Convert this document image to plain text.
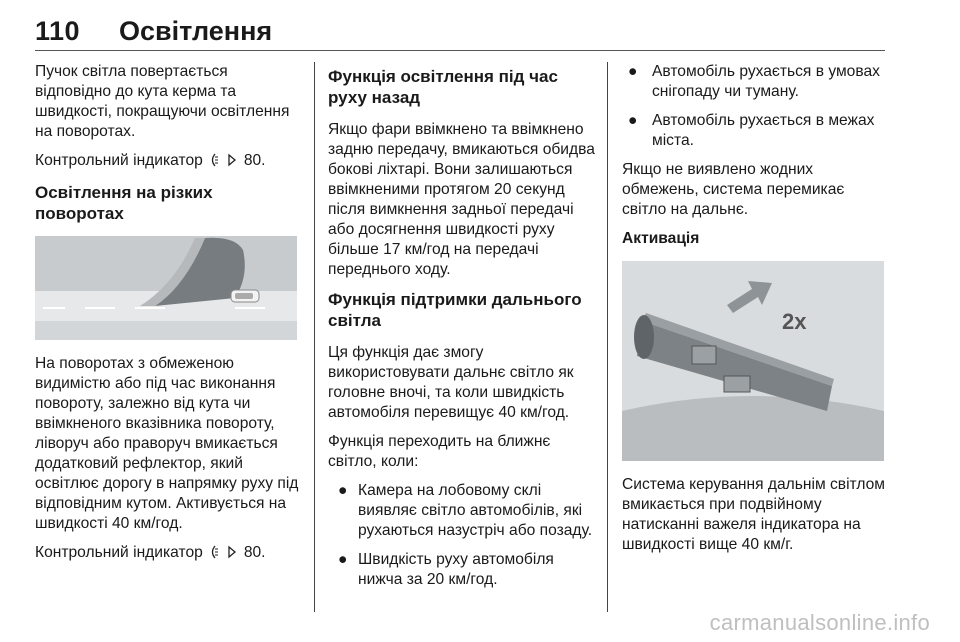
110 Освітлення

Пучок світла повертається відповідно до кута керма та швидкості, покращуючи освітлення на поворотах.

Контрольний індикатор	80.

Освітлення на різких поворотах

На поворотах з обмеженою видимістю або під час виконання повороту, залежно від кута чи ввімкненого вказівника повороту, ліворуч або праворуч вмикається додатковий рефлектор, який освітлює дорогу в напрямку руху під відповідним кутом. Активується на швидкості 40 км/год.

Контрольний індикатор	80.

Функція освітлення під час руху назад

Якщо фари ввімкнено та ввімкнено задню передачу, вмикаються обидва бокові ліхтарі. Вони залишаються ввімкненими протягом 20 секунд після вимкнення задньої передачі або досягнення швидкості руху більше 17 км/год на передачі переднього ходу.

Функція підтримки дальнього світла

Ця функція дає змогу використовувати дальнє світло як головне вночі, та коли швидкість автомобіля перевищує 40 км/год.

Функція переходить на ближнє світло, коли:

● Камера на лобовому склі виявляє світло автомобілів, які рухаються назустріч або позаду.
● Швидкість руху автомобіля нижча за 20 км/год.
● Автомобіль рухається в умовах снігопаду чи туману.
● Автомобіль рухається в межах міста.

Якщо не виявлено жодних обмежень, система перемикає світло на дальнє.

Активація
2x

Система керування дальнім світлом вмикається при подвійному натисканні важеля індикатора на швидкості вище 40 км/г.

carmanualsonline.info
